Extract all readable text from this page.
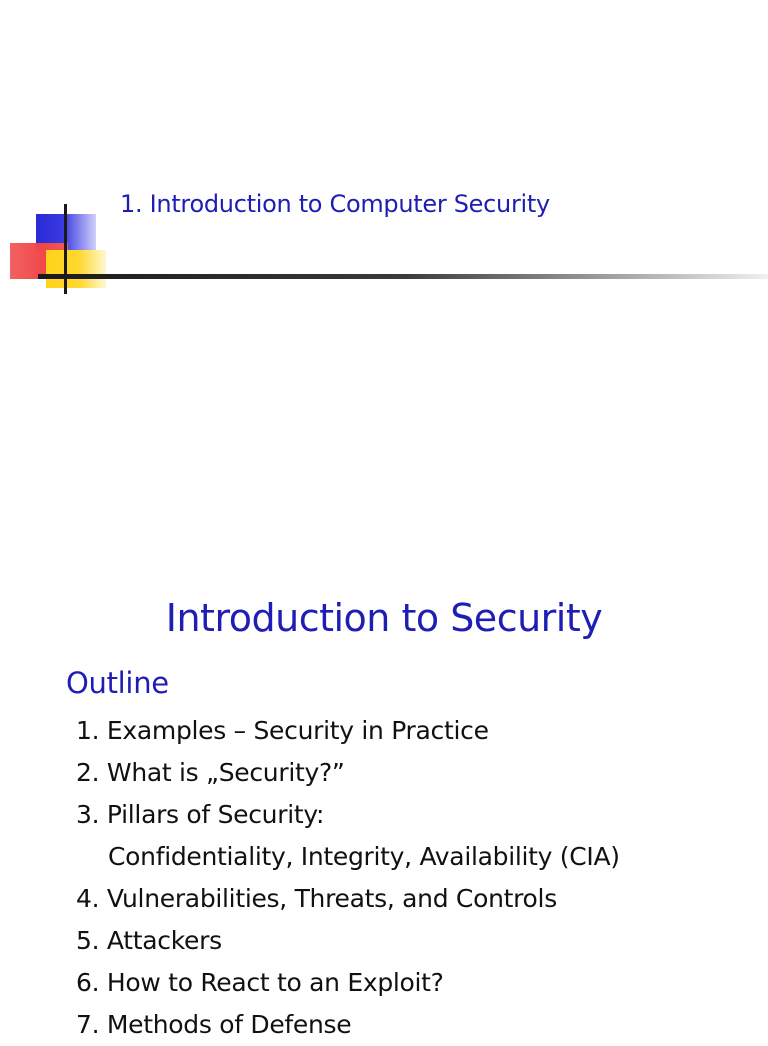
1. Introduction to Computer Security
Introduction to Security
Outline
1. Examples – Security in Practice
2. What is „Security?”
3. Pillars of Security:
Confidentiality, Integrity, Availability (CIA)
4. Vulnerabilities, Threats, and Controls
5. Attackers
6. How to React to an Exploit?
7. Methods of Defense
